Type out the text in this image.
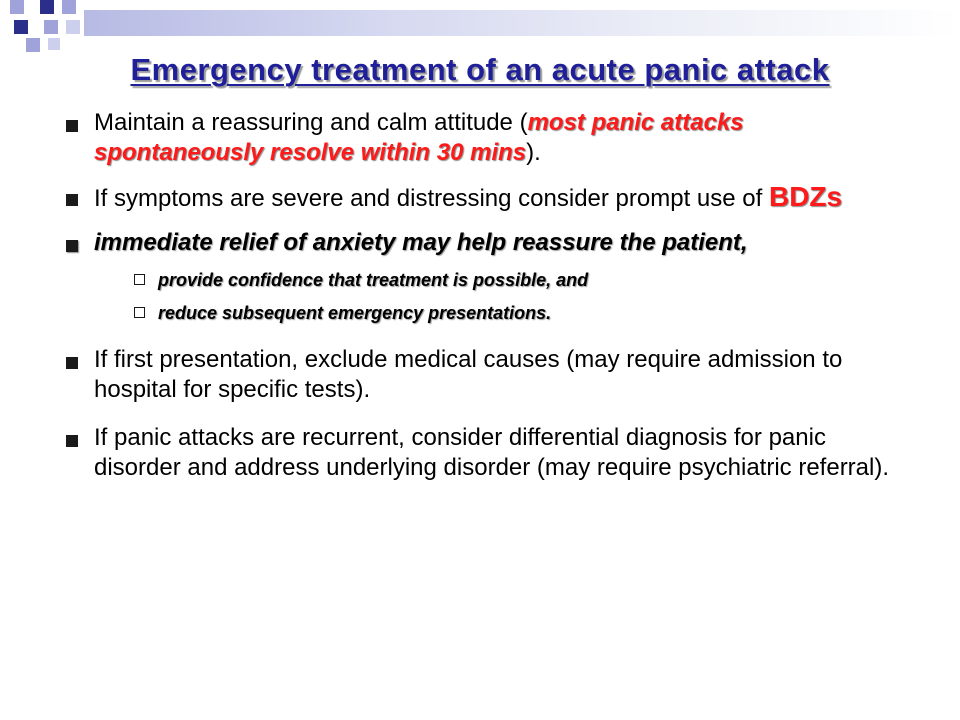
Emergency treatment of an acute panic attack
Maintain a reassuring and calm attitude (most panic attacks spontaneously resolve within 30 mins).
If symptoms are severe and distressing consider prompt use of BDZs
immediate relief of anxiety may help reassure the patient,
provide confidence that treatment is possible, and
reduce subsequent emergency presentations.
If first presentation, exclude medical causes (may require admission to hospital for specific tests).
If panic attacks are recurrent, consider differential diagnosis for panic disorder and address underlying disorder (may require psychiatric referral).
